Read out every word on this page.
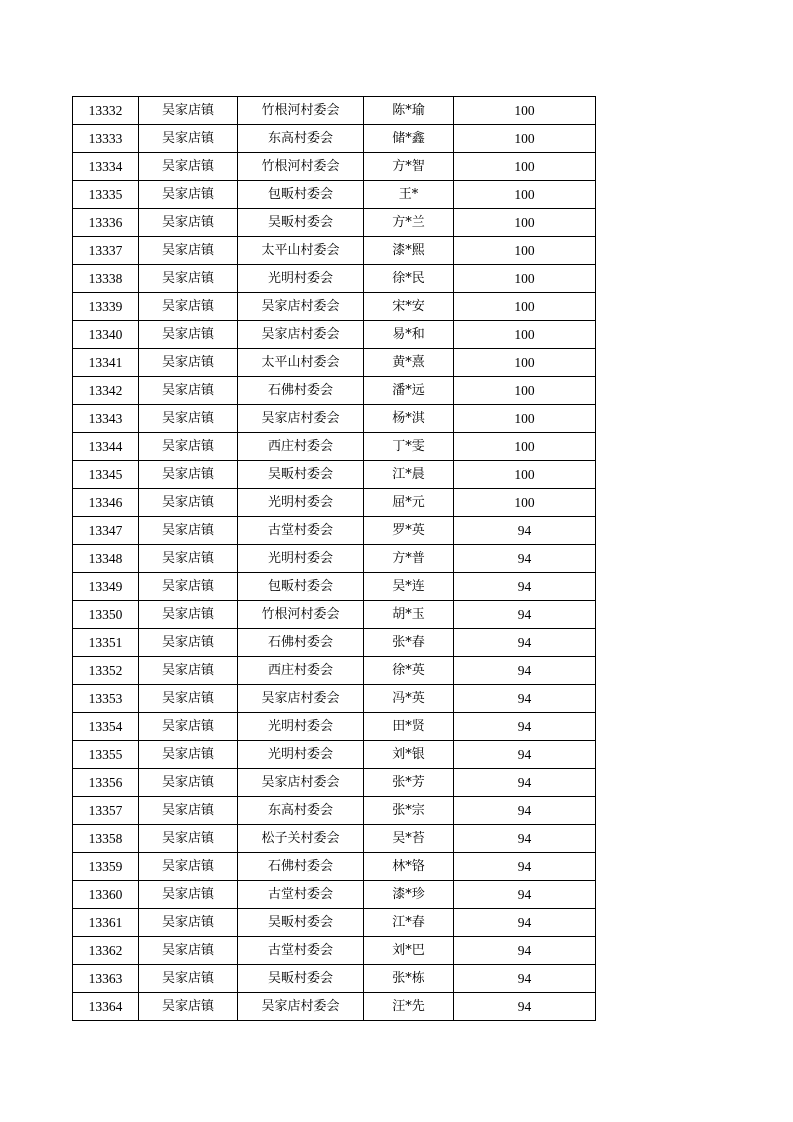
13332	吴家店镇	竹根河村委会	陈*瑜	100
13333	吴家店镇	东高村委会	储*鑫	100
13334	吴家店镇	竹根河村委会	方*智	100
13335	吴家店镇	包畈村委会	王*	100
13336	吴家店镇	吴畈村委会	方*兰	100
13337	吴家店镇	太平山村委会	漆*熙	100
13338	吴家店镇	光明村委会	徐*民	100
13339	吴家店镇	吴家店村委会	宋*安	100
13340	吴家店镇	吴家店村委会	易*和	100
13341	吴家店镇	太平山村委会	黄*熹	100
13342	吴家店镇	石佛村委会	潘*远	100
13343	吴家店镇	吴家店村委会	杨*淇	100
13344	吴家店镇	西庄村委会	丁*雯	100
13345	吴家店镇	吴畈村委会	江*晨	100
13346	吴家店镇	光明村委会	屈*元	100
13347	吴家店镇	古堂村委会	罗*英	94
13348	吴家店镇	光明村委会	方*普	94
13349	吴家店镇	包畈村委会	吴*连	94
13350	吴家店镇	竹根河村委会	胡*玉	94
13351	吴家店镇	石佛村委会	张*春	94
13352	吴家店镇	西庄村委会	徐*英	94
13353	吴家店镇	吴家店村委会	冯*英	94
13354	吴家店镇	光明村委会	田*贤	94
13355	吴家店镇	光明村委会	刘*银	94
13356	吴家店镇	吴家店村委会	张*芳	94
13357	吴家店镇	东高村委会	张*宗	94
13358	吴家店镇	松子关村委会	吴*苔	94
13359	吴家店镇	石佛村委会	林*铬	94
13360	吴家店镇	古堂村委会	漆*珍	94
13361	吴家店镇	吴畈村委会	江*春	94
13362	吴家店镇	古堂村委会	刘*巴	94
13363	吴家店镇	吴畈村委会	张*栋	94
13364	吴家店镇	吴家店村委会	汪*先	94
